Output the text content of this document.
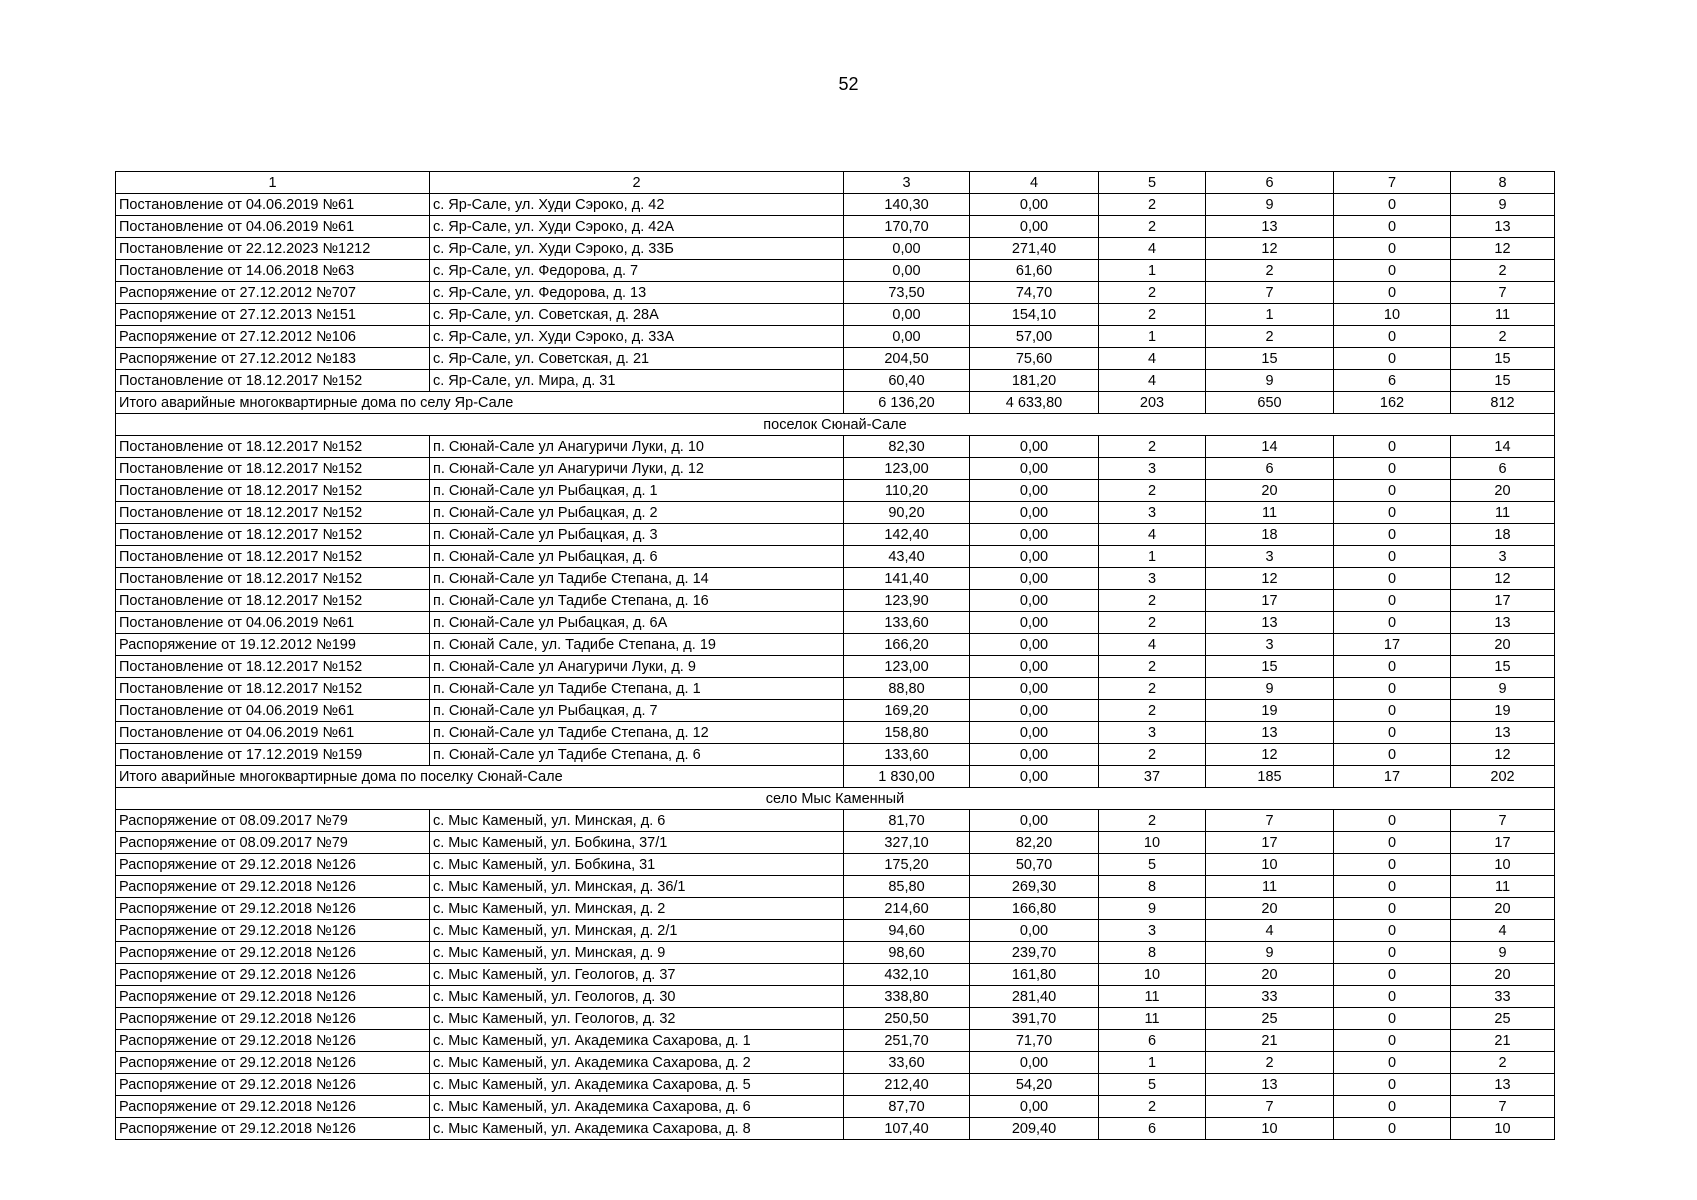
52
1	2	3	4	5	6	7	8
Постановление от 04.06.2019 №61	с. Яр-Сале, ул. Худи Сэроко, д. 42	140,30	0,00	2	9	0	9
Постановление от 04.06.2019 №61	с. Яр-Сале, ул. Худи Сэроко, д. 42А	170,70	0,00	2	13	0	13
Постановление от 22.12.2023 №1212	с. Яр-Сале, ул. Худи Сэроко, д. 33Б	0,00	271,40	4	12	0	12
Постановление от 14.06.2018 №63	с. Яр-Сале, ул. Федорова, д. 7	0,00	61,60	1	2	0	2
Распоряжение от 27.12.2012 №707	с. Яр-Сале, ул. Федорова, д. 13	73,50	74,70	2	7	0	7
Распоряжение от 27.12.2013 №151	с. Яр-Сале, ул. Советская, д. 28А	0,00	154,10	2	1	10	11
Распоряжение от 27.12.2012 №106	с. Яр-Сале, ул. Худи Сэроко, д. 33А	0,00	57,00	1	2	0	2
Распоряжение от 27.12.2012 №183	с. Яр-Сале, ул. Советская, д. 21	204,50	75,60	4	15	0	15
Постановление от 18.12.2017 №152	с. Яр-Сале, ул. Мира, д. 31	60,40	181,20	4	9	6	15
Итого аварийные многоквартирные дома по селу Яр-Сале		6 136,20	4 633,80	203	650	162	812
поселок Сюнай-Сале							
Постановление от 18.12.2017 №152	п. Сюнай-Сале ул Анагуричи Луки, д. 10	82,30	0,00	2	14	0	14
Постановление от 18.12.2017 №152	п. Сюнай-Сале ул Анагуричи Луки, д. 12	123,00	0,00	3	6	0	6
Постановление от 18.12.2017 №152	п. Сюнай-Сале ул Рыбацкая, д. 1	110,20	0,00	2	20	0	20
Постановление от 18.12.2017 №152	п. Сюнай-Сале ул Рыбацкая, д. 2	90,20	0,00	3	11	0	11
Постановление от 18.12.2017 №152	п. Сюнай-Сале ул Рыбацкая, д. 3	142,40	0,00	4	18	0	18
Постановление от 18.12.2017 №152	п. Сюнай-Сале ул Рыбацкая, д. 6	43,40	0,00	1	3	0	3
Постановление от 18.12.2017 №152	п. Сюнай-Сале ул Тадибе Степана, д. 14	141,40	0,00	3	12	0	12
Постановление от 18.12.2017 №152	п. Сюнай-Сале ул Тадибе Степана, д. 16	123,90	0,00	2	17	0	17
Постановление от 04.06.2019 №61	п. Сюнай-Сале ул Рыбацкая, д. 6А	133,60	0,00	2	13	0	13
Распоряжение от 19.12.2012 №199	п. Сюнай Сале, ул. Тадибе Степана, д. 19	166,20	0,00	4	3	17	20
Постановление от 18.12.2017 №152	п. Сюнай-Сале ул Анагуричи Луки, д. 9	123,00	0,00	2	15	0	15
Постановление от 18.12.2017 №152	п. Сюнай-Сале ул Тадибе Степана, д. 1	88,80	0,00	2	9	0	9
Постановление от 04.06.2019 №61	п. Сюнай-Сале ул Рыбацкая, д. 7	169,20	0,00	2	19	0	19
Постановление от 04.06.2019 №61	п. Сюнай-Сале ул Тадибе Степана, д. 12	158,80	0,00	3	13	0	13
Постановление от 17.12.2019 №159	п. Сюнай-Сале ул Тадибе Степана, д. 6	133,60	0,00	2	12	0	12
Итого аварийные многоквартирные дома по поселку Сюнай-Сале		1 830,00	0,00	37	185	17	202
село Мыс Каменный							
Распоряжение от 08.09.2017 №79	с. Мыс Каменый, ул. Минская, д. 6	81,70	0,00	2	7	0	7
Распоряжение от 08.09.2017 №79	с. Мыс Каменый, ул. Бобкина, 37/1	327,10	82,20	10	17	0	17
Распоряжение от 29.12.2018 №126	с. Мыс Каменый, ул. Бобкина, 31	175,20	50,70	5	10	0	10
Распоряжение от 29.12.2018 №126	с. Мыс Каменый, ул. Минская, д. 36/1	85,80	269,30	8	11	0	11
Распоряжение от 29.12.2018 №126	с. Мыс Каменый, ул. Минская, д. 2	214,60	166,80	9	20	0	20
Распоряжение от 29.12.2018 №126	с. Мыс Каменый, ул. Минская, д. 2/1	94,60	0,00	3	4	0	4
Распоряжение от 29.12.2018 №126	с. Мыс Каменый, ул. Минская, д. 9	98,60	239,70	8	9	0	9
Распоряжение от 29.12.2018 №126	с. Мыс Каменый, ул. Геологов, д. 37	432,10	161,80	10	20	0	20
Распоряжение от 29.12.2018 №126	с. Мыс Каменый, ул. Геологов, д. 30	338,80	281,40	11	33	0	33
Распоряжение от 29.12.2018 №126	с. Мыс Каменый, ул. Геологов, д. 32	250,50	391,70	11	25	0	25
Распоряжение от 29.12.2018 №126	с. Мыс Каменый, ул. Академика Сахарова, д. 1	251,70	71,70	6	21	0	21
Распоряжение от 29.12.2018 №126	с. Мыс Каменый, ул. Академика Сахарова, д. 2	33,60	0,00	1	2	0	2
Распоряжение от 29.12.2018 №126	с. Мыс Каменый, ул. Академика Сахарова, д. 5	212,40	54,20	5	13	0	13
Распоряжение от 29.12.2018 №126	с. Мыс Каменый, ул. Академика Сахарова, д. 6	87,70	0,00	2	7	0	7
Распоряжение от 29.12.2018 №126	с. Мыс Каменый, ул. Академика Сахарова, д. 8	107,40	209,40	6	10	0	10
